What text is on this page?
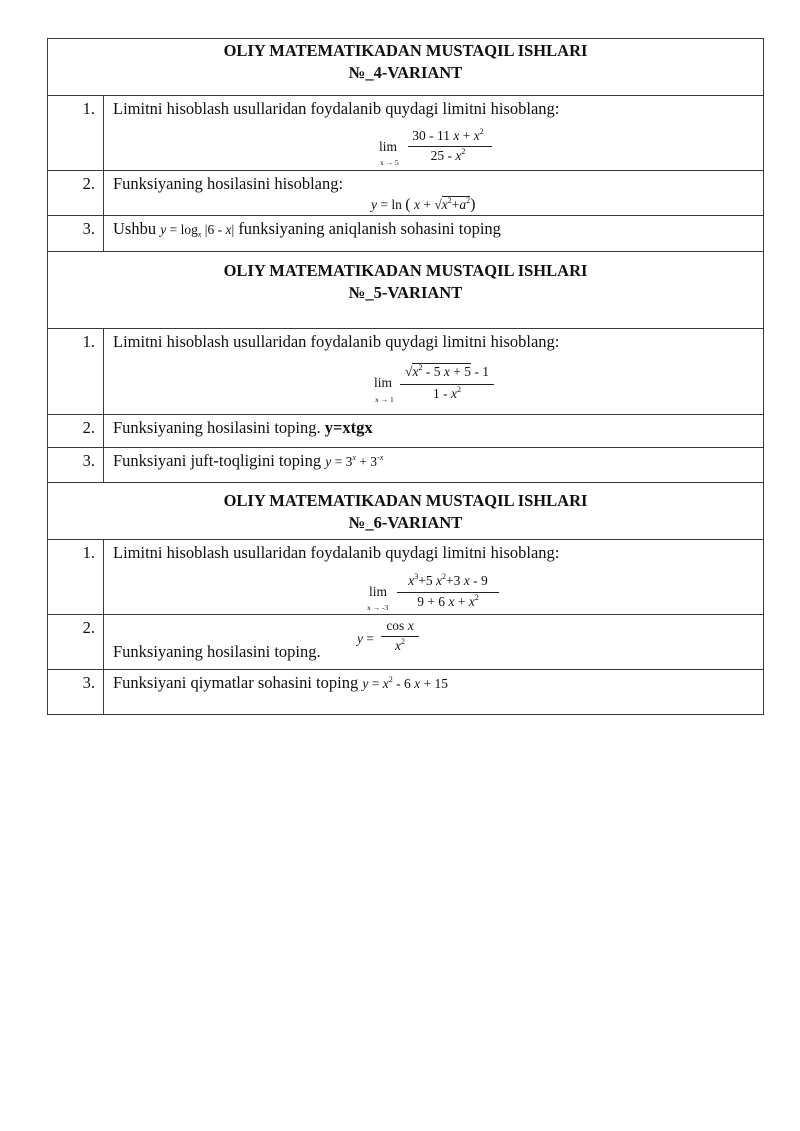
OLIY MATEMATIKADAN MUSTAQIL ISHLARI
№_4-VARIANT
1. Limitni hisoblash usullaridan foydalanib quydagi limitni hisoblang:
lim
x → 5
30 - 11 $x + x^2$
$25 - x^2$
2. Funksiyaning hosilasini hisoblang:
y = ln ( $x + √x^2+a^2$)
3. Ushbu $y = \log_x |6 - x|$ funksiyaning aniqlanish sohasini toping
OLIY MATEMATIKADAN MUSTAQIL ISHLARI
№_5-VARIANT
1. Limitni hisoblash usullaridan foydalanib quydagi limitni hisoblang:
lim
x → 1
$√x^2 - 5$ x + 5 - 1
$1 - x^2$
2. Funksiyaning hosilasini toping. y=xtgx
3. Funksiyani juft-toqligini toping $y = 3^x + 3^{-x}$
OLIY MATEMATIKADAN MUSTAQIL ISHLARI
№_6-VARIANT
1. Limitni hisoblash usullaridan foydalanib quydagi limitni hisoblang:
lim
x → -3
$x^3+5$ $x^2+3$ x - 9
9 + 6 $x + x^2$
2.
Funksiyaning hosilasini toping.
y =
cos x
$x^2$
3. Funksiyani qiymatlar sohasini toping $y = x^2 - 6$ x + 15
